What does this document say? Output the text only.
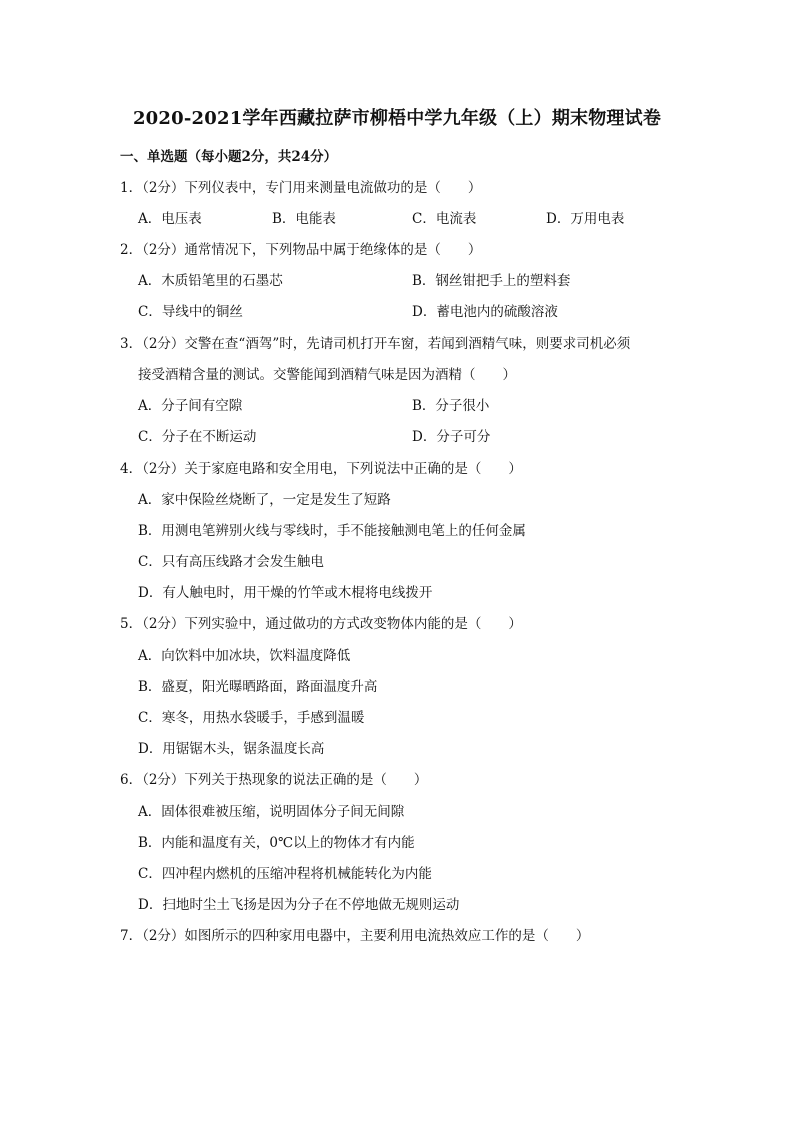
2020-2021学年西藏拉萨市柳梧中学九年级（上）期末物理试卷
一、单选题（每小题2分，共24分）
1．（2分）下列仪表中，专门用来测量电流做功的是（　　）
A．电压表	B．电能表	C．电流表	D．万用电表
2．（2分）通常情况下，下列物品中属于绝缘体的是（　　）
A．木质铅笔里的石墨芯	B．钢丝钳把手上的塑料套
C．导线中的铜丝	D．蓄电池内的硫酸溶液
3．（2分）交警在查“酒驾”时，先请司机打开车窗，若闻到酒精气味，则要求司机必须
接受酒精含量的测试。交警能闻到酒精气味是因为酒精（　　）
A．分子间有空隙	B．分子很小
C．分子在不断运动	D．分子可分
4．（2分）关于家庭电路和安全用电，下列说法中正确的是（　　）
A．家中保险丝烧断了，一定是发生了短路
B．用测电笔辨别火线与零线时，手不能接触测电笔上的任何金属
C．只有高压线路才会发生触电
D．有人触电时，用干燥的竹竿或木棍将电线拨开
5．（2分）下列实验中，通过做功的方式改变物体内能的是（　　）
A．向饮料中加冰块，饮料温度降低
B．盛夏，阳光曝晒路面，路面温度升高
C．寒冬，用热水袋暖手，手感到温暖
D．用锯锯木头，锯条温度长高
6．（2分）下列关于热现象的说法正确的是（　　）
A．固体很难被压缩，说明固体分子间无间隙
B．内能和温度有关，0℃以上的物体才有内能
C．四冲程内燃机的压缩冲程将机械能转化为内能
D．扫地时尘土飞扬是因为分子在不停地做无规则运动
7．（2分）如图所示的四种家用电器中，主要利用电流热效应工作的是（　　）
